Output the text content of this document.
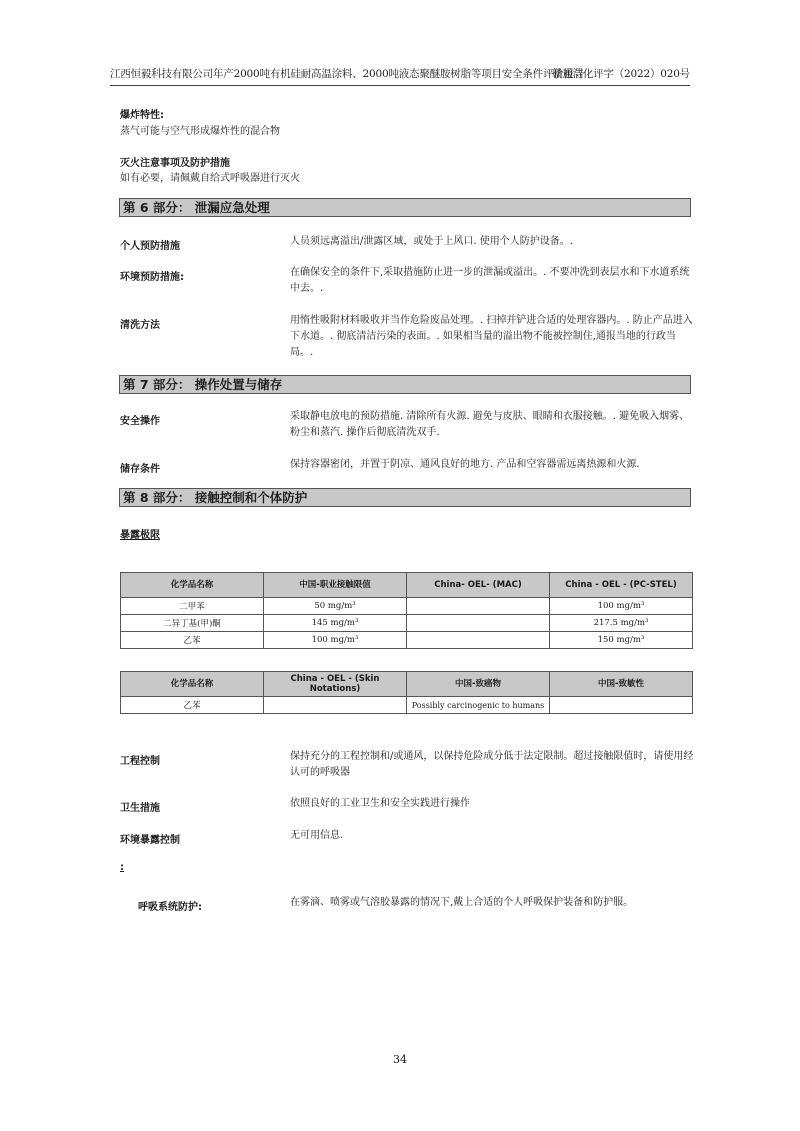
江西恒毅科技有限公司年产2000吨有机硅耐高温涂料、2000吨液态聚醚胺树脂等项目安全条件评价报告
赣通浔化评字（2022）020号
爆炸特性:
蒸气可能与空气形成爆炸性的混合物
灭火注意事项及防护措施
如有必要，请佩戴自给式呼吸器进行灭火
第 6 部分： 泄漏应急处理
个人预防措施	人员须远离溢出/泄露区域，或处于上风口. 使用个人防护设备。.
环境预防措施:	在确保安全的条件下,采取措施防止进一步的泄漏或溢出。. 不要冲洗到表层水和下水道系统中去。.
清洗方法	用惰性吸附材料吸收并当作危险废品处理。. 扫掉并铲进合适的处理容器内。. 防止产品进入下水道。. 彻底清洁污染的表面。. 如果相当量的溢出物不能被控制住,通报当地的行政当局。.
第 7 部分： 操作处置与储存
安全操作	采取静电放电的预防措施. 清除所有火源. 避免与皮肤、眼睛和衣服接触。. 避免吸入烟雾、粉尘和蒸汽. 操作后彻底清洗双手.
储存条件	保持容器密闭，并置于阴凉、通风良好的地方. 产品和空容器需远离热源和火源.
第 8 部分： 接触控制和个体防护
暴露极限
化学品名称	中国-职业接触限值	China- OEL- (MAC)	China - OEL - (PC-STEL)
二甲苯	50 mg/m³		100 mg/m³
二异丁基(甲)酮	145 mg/m³		217.5 mg/m³
乙苯	100 mg/m³		150 mg/m³
化学品名称	China - OEL - (Skin Notations)	中国-致癌物	中国-致敏性
乙苯		Possibly carcinogenic to humans	
工程控制	保持充分的工程控制和/或通风，以保持危险成分低于法定限制。超过接触限值时，请使用经认可的呼吸器
卫生措施	依照良好的工业卫生和安全实践进行操作
环境暴露控制	无可用信息.
:
呼吸系统防护:	在雾滴、喷雾或气溶胶暴露的情况下,戴上合适的个人呼吸保护装备和防护服。
34
